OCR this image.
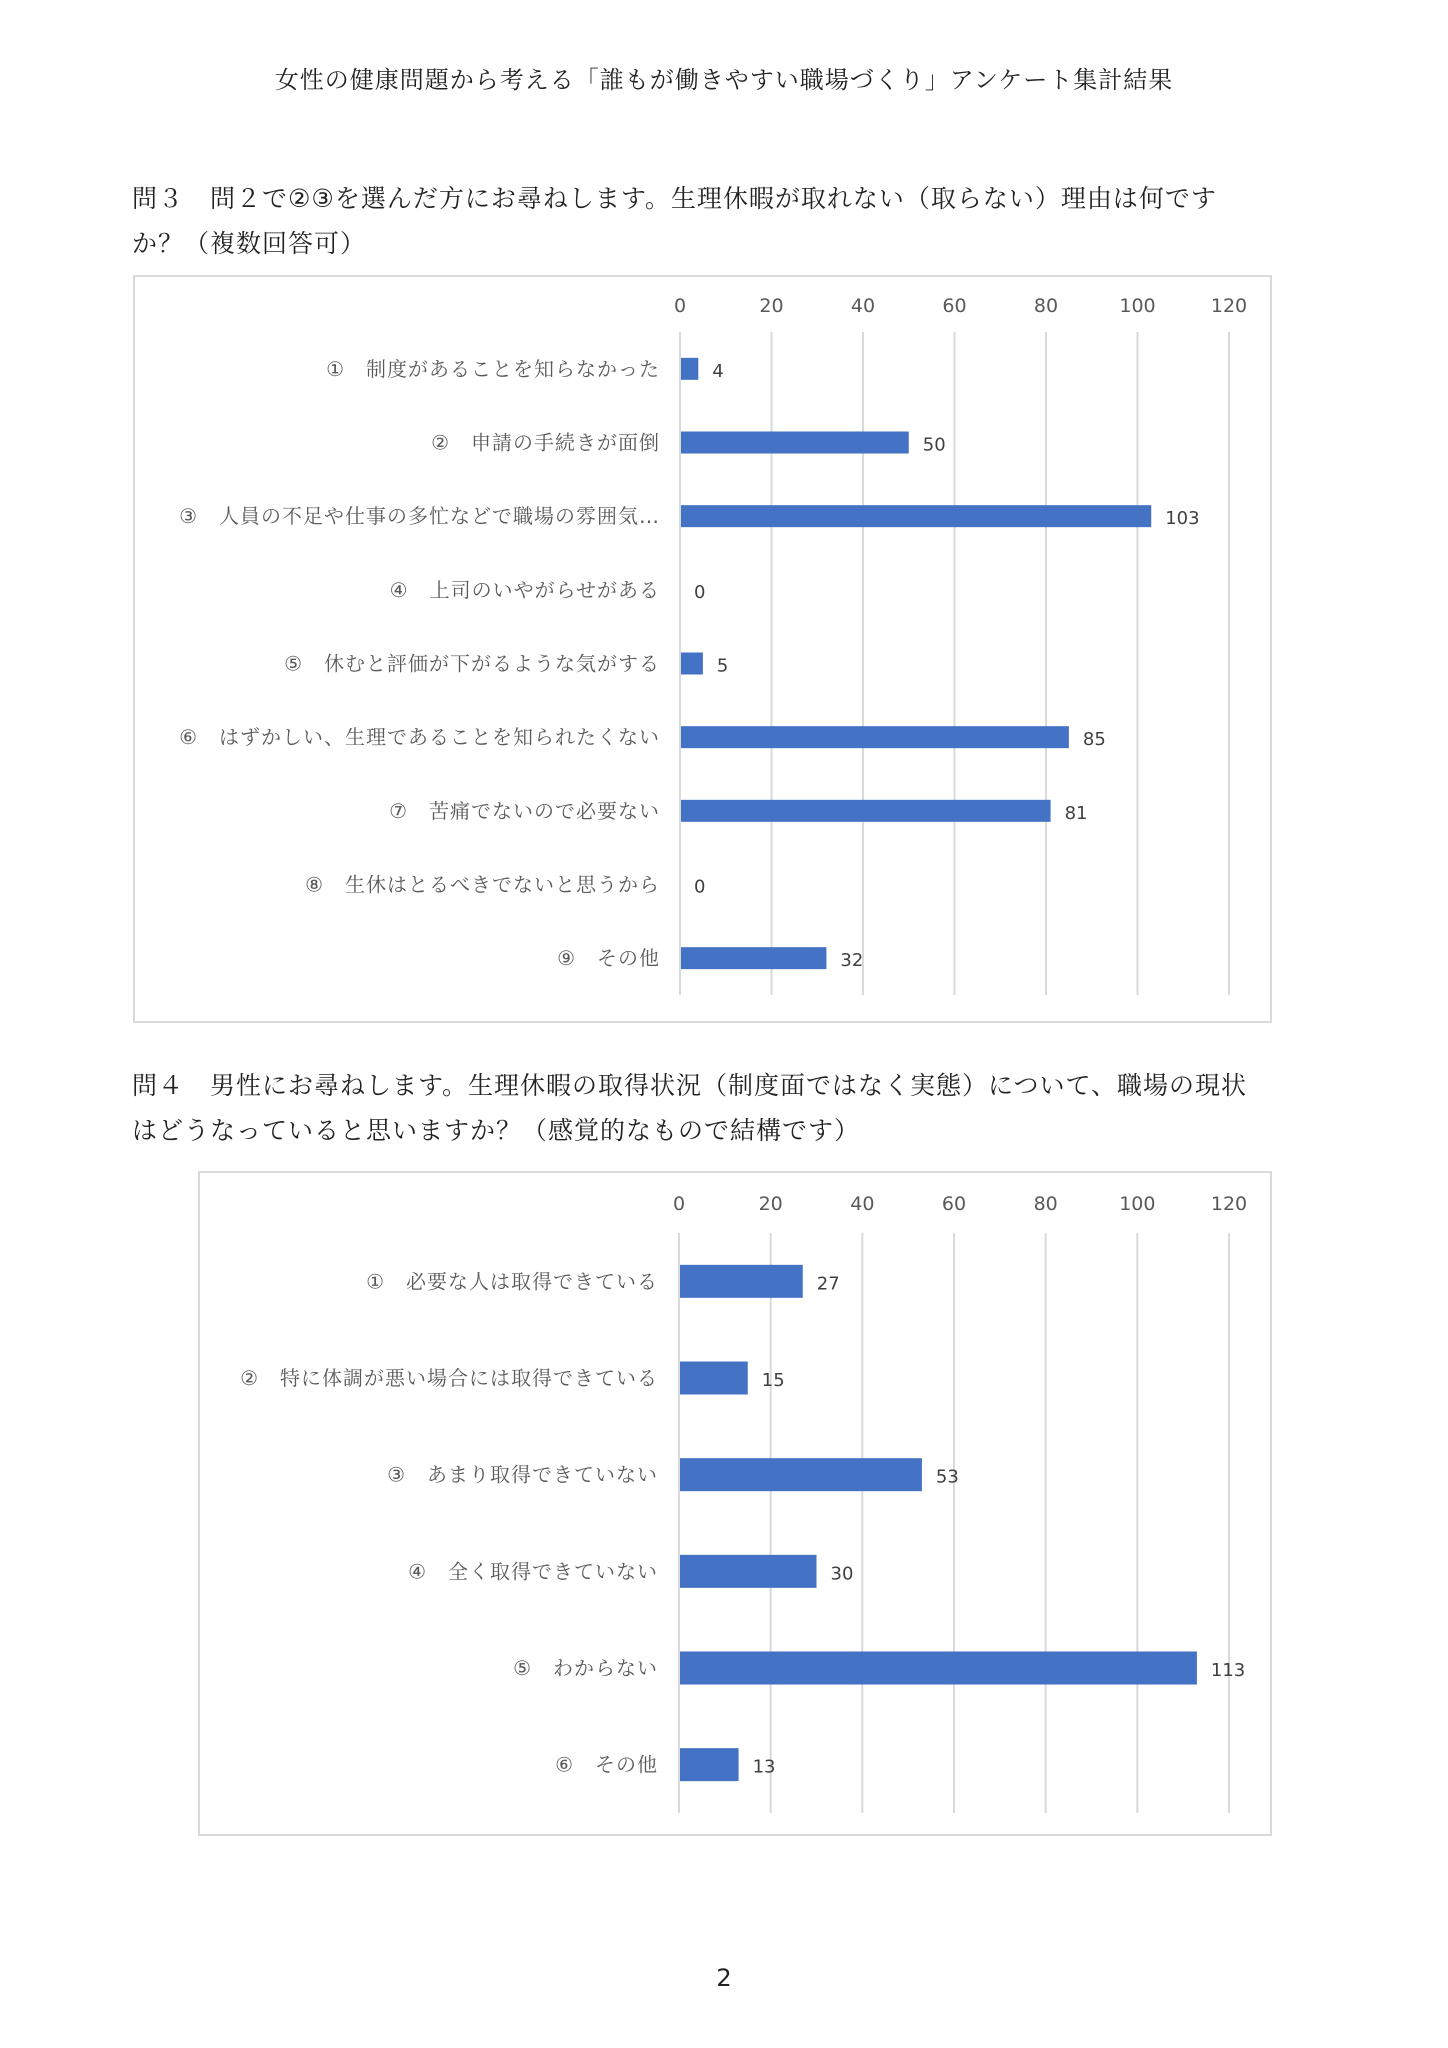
女性の健康問題から考える「誰もが働きやすい職場づくり」アンケート集計結果
問３　問２で②③を選んだ方にお尋ねします。生理休暇が取れない（取らない）理由は何です
か？（複数回答可）
0	20	40	60	80	100	120
①　制度があることを知らなかった	4
②　申請の手続きが面倒	50
③　人員の不足や仕事の多忙などで職場の雰囲気…	103
④　上司のいやがらせがある 0
⑤　休むと評価が下がるような気がする	5
⑥　はずかしい、生理であることを知られたくない	85
⑦　苦痛でないので必要ない	81
⑧　生休はとるべきでないと思うから 0
⑨　その他	32
問４　男性にお尋ねします。生理休暇の取得状況（制度面ではなく実態）について、職場の現状
はどうなっていると思いますか？（感覚的なもので結構です）
0	20	40	60	80	100	120
①　必要な人は取得できている	27
②　特に体調が悪い場合には取得できている	15
③　あまり取得できていない	53
④　全く取得できていない	30
⑤　わからない	113
⑥　その他	13
2
